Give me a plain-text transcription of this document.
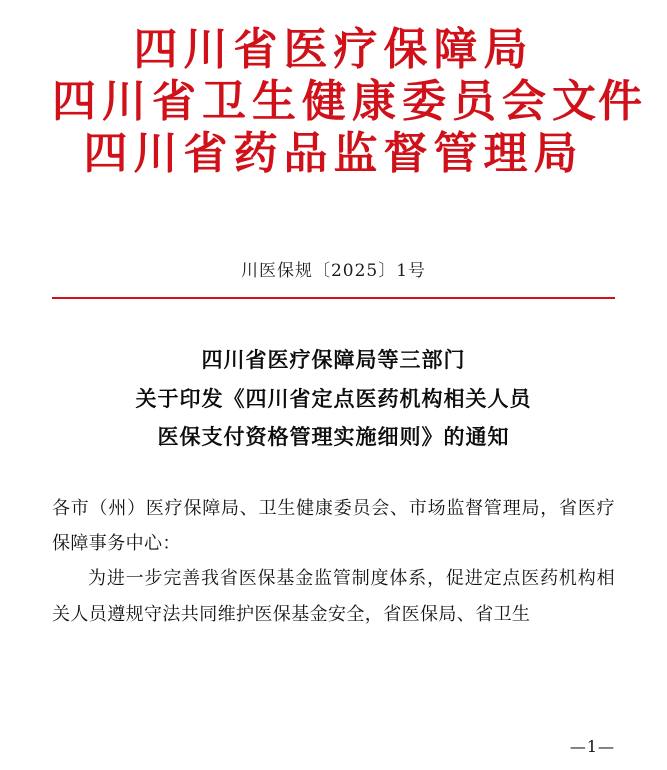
四川省医疗保障局
四川省卫生健康委员会文件
四川省药品监督管理局
川医保规〔2025〕1号
四川省医疗保障局等三部门
关于印发《四川省定点医药机构相关人员
医保支付资格管理实施细则》的通知

各市（州）医疗保障局、卫生健康委员会、市场监督管理局，省医疗保障事务中心：

为进一步完善我省医保基金监管制度体系，促进定点医药机构相关人员遵规守法共同维护医保基金安全，省医保局、省卫生

—1—
